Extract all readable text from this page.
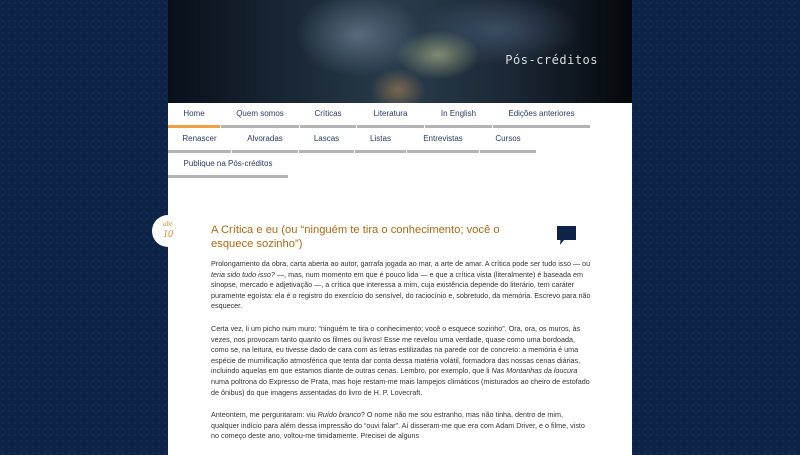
Pós-créditos
Home	Quem somos	Críticas	Literatura	In English	Edições anteriores
Renascer	Alvoradas	Lascas	Listas	Entrevistas	Cursos
Publique na Pós-créditos
abr
10	A Crítica e eu (ou “ninguém te tira o conhecimento; você o esquece sozinho”)

Prolongamento da obra, carta aberta ao autor, garrafa jogada ao mar, a arte de amar. A crítica pode ser tudo isso — ou teria sido tudo isso? —, mas, num momento em que é pouco lida — e que a crítica vista (literalmente) é baseada em sinopse, mercado e adjetivação —, a crítica que interessa a mim, cuja existência depende do literário, tem caráter puramente egoísta: ela é o registro do exercício do sensível, do raciocínio e, sobretudo, da memória. Escrevo para não esquecer.

Certa vez, li um picho num muro: “ninguém te tira o conhecimento; você o esquece sozinho”. Ora, ora, os muros, às vezes, nos provocam tanto quanto os filmes ou livros! Esse me revelou uma verdade, quase como uma bordoada, como se, na leitura, eu tivesse dado de cara com as letras estilizadas na parede cor de concreto: a memória é uma espécie de mumificação atmosférica que tenta dar conta dessa matéria volátil, formadora das nossas cenas diárias, incluindo aquelas em que estamos diante de outras cenas. Lembro, por exemplo, que li Nas Montanhas da loucura numa poltrona do Expresso de Prata, mas hoje restam-me mais lampejos climáticos (misturados ao cheiro de estofado de ônibus) do que imagens assentadas do livro de H. P. Lovecraft.

Anteontem, me perguntaram: viu Ruído branco? O nome não me sou estranho, mas não tinha, dentro de mim, qualquer indício para além dessa impressão do “ouvi falar”. Aí disseram-me que era com Adam Driver, e o filme, visto no começo deste ano, voltou-me timidamente. Precisei de alguns
